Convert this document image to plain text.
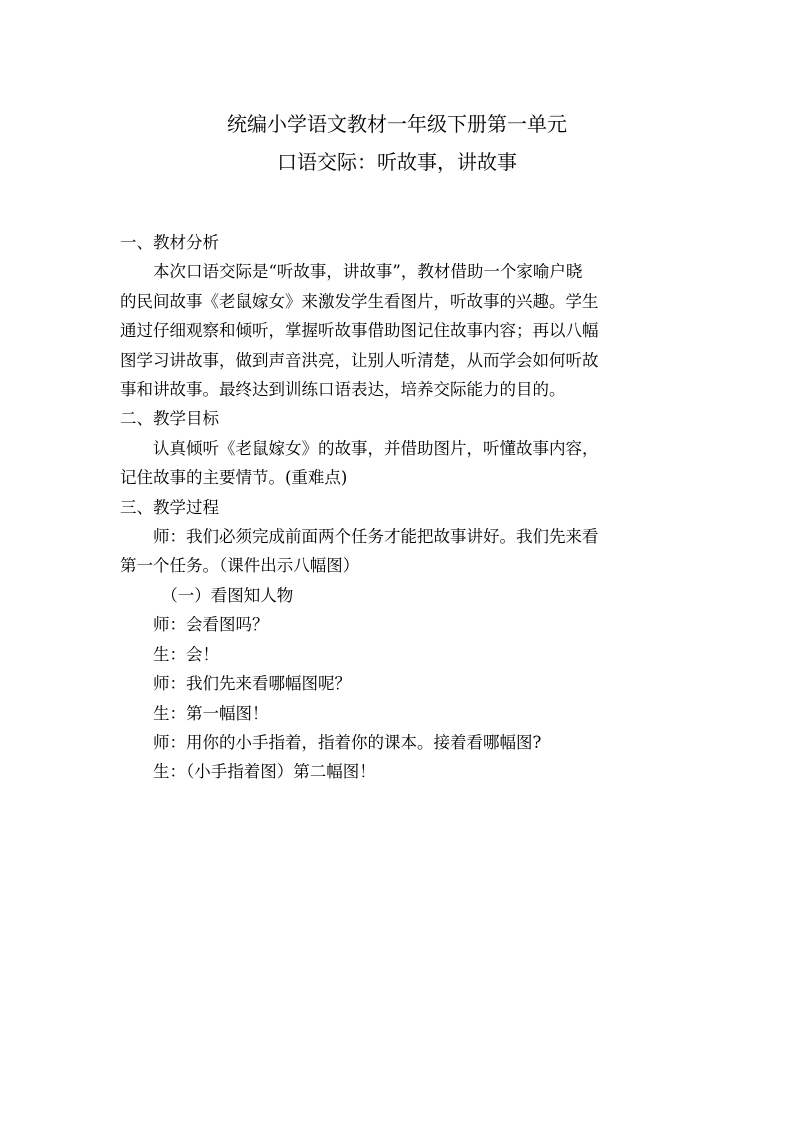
统编小学语文教材一年级下册第一单元
口语交际：听故事，讲故事
一、教材分析
本次口语交际是“听故事，讲故事”，教材借助一个家喻户晓
的民间故事《老鼠嫁女》来激发学生看图片，听故事的兴趣。学生
通过仔细观察和倾听，掌握听故事借助图记住故事内容；再以八幅
图学习讲故事，做到声音洪亮，让别人听清楚，从而学会如何听故
事和讲故事。最终达到训练口语表达，培养交际能力的目的。
二、教学目标
认真倾听《老鼠嫁女》的故事，并借助图片，听懂故事内容，
记住故事的主要情节。(重难点)
三、教学过程
师：我们必须完成前面两个任务才能把故事讲好。我们先来看
第一个任务。（课件出示八幅图）
（一）看图知人物
师：会看图吗？
生：会！
师：我们先来看哪幅图呢？
生：第一幅图！
师：用你的小手指着，指着你的课本。接着看哪幅图?
生：（小手指着图）第二幅图！
